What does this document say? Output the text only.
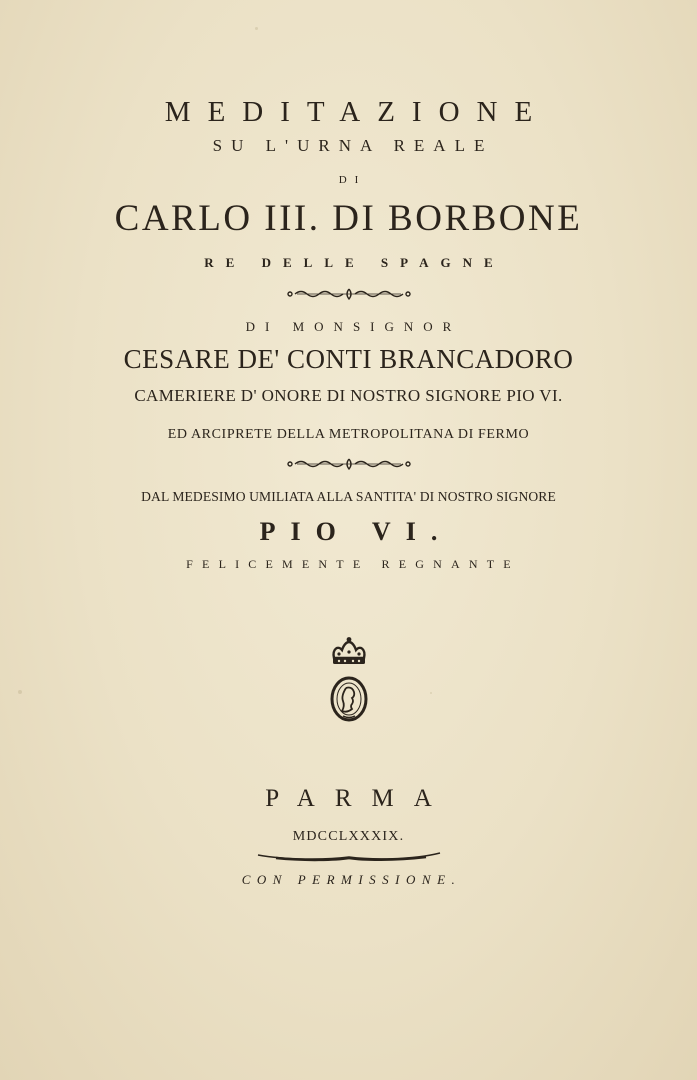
MEDITAZIONE
SU L'URNA REALE
DI
CARLO III. DI BORBONE
RE DELLE SPAGNE
DI MONSIGNOR
CESARE DE' CONTI BRANCADORO
CAMERIERE D' ONORE DI NOSTRO SIGNORE PIO VI.
ED ARCIPRETE DELLA METROPOLITANA DI FERMO
DAL MEDESIMO UMILIATA ALLA SANTITA' DI NOSTRO SIGNORE
PIO VI.
FELICEMENTE REGNANTE
PARMA
MDCCLXXXIX.
CON PERMISSIONE.
